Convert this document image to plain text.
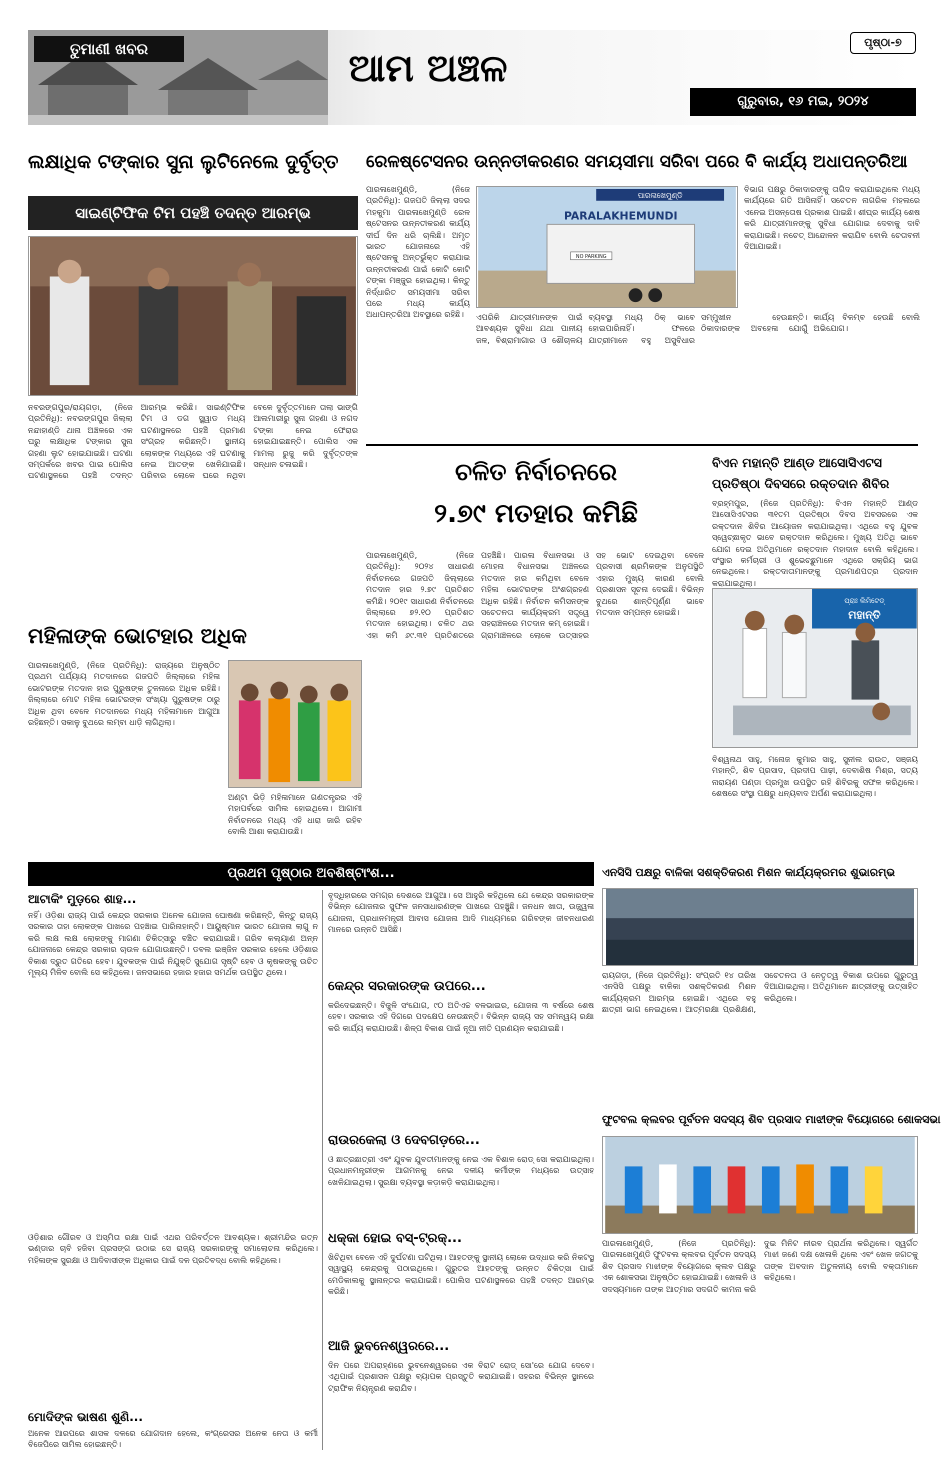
ତୁମାଣୀ ଖବର	ଆମ ଅଞ୍ଚଳ
ପୃଷ୍ଠା-୭
ଗୁରୁବାର, ୧୬ ମଇ, ୨୦୨୪
ଲକ୍ଷାଧିକ ଟଙ୍କାର ସୁନା ଲୁଟିନେଲେ ଦୁର୍ବୃତ୍ତ
ସାଇଣ୍ଟିଫିକ ଟିମ ପହଞ୍ଚି ତଦନ୍ତ ଆରମ୍ଭ
ନବରଙ୍ଗପୁର/ରାୟଗଡ଼ା, (ନିଜେ ପ୍ରତିନିଧି): ନବରଙ୍ଗପୁର ଜିଲ୍ଲା ନନ୍ଦାହାଣ୍ଡି ଥାନା ଅଞ୍ଚଳରେ ଏକ ଘରୁ ଲକ୍ଷାଧିକ ଟଙ୍କାର ସୁନା ଗହଣା ଲୁଟ ହୋଇଯାଇଛି। ଘଟଣା ସମ୍ପର୍କରେ ଖବର ପାଇ ପୋଲିସ ଘଟଣାସ୍ଥଳରେ ପହଞ୍ଚି ତଦନ୍ତ ଆରମ୍ଭ କରିଛି। ସାଇଣ୍ଟିଫିକ ଟିମ ଓ ଡଗ ସ୍କ୍ୱାଡ ମଧ୍ୟ ଘଟଣାସ୍ଥଳରେ ପହଞ୍ଚି ପ୍ରମାଣ ସଂଗ୍ରହ କରିଛନ୍ତି। ସ୍ଥାନୀୟ ଲୋକଙ୍କ ମଧ୍ୟରେ ଏହି ଘଟଣାକୁ ନେଇ ଆତଙ୍କ ଖେଳିଯାଇଛି। ପରିବାର ଲୋକେ ଘରେ ନଥିବା ବେଳେ ଦୁର୍ବୃତ୍ତମାନେ ତାଲା ଭାଙ୍ଗି ଆଲମାରୀରୁ ସୁନା ଗହଣା ଓ ନଗଦ ଟଙ୍କା ନେଇ ଫେରାର ହୋଇଯାଇଛନ୍ତି। ପୋଲିସ ଏକ ମାମଲା ରୁଜୁ କରି ଦୁର୍ବୃତ୍ତଙ୍କ ସନ୍ଧାନ ଚଳାଇଛି।
ରେଳଷ୍ଟେସନର ଉନ୍ନତୀକରଣର ସମୟସୀମା ସରିବା ପରେ ବି କାର୍ଯ୍ୟ ଅଧାପନ୍ତରିଆ
ପାରଳାଖେମୁଣ୍ଡି, (ନିଜେ ପ୍ରତିନିଧି): ଗଜପତି ଜିଲ୍ଲା ସଦର ମହକୁମା ପାରଳାଖେମୁଣ୍ଡି ରେଳ ଷ୍ଟେସନର ଉନ୍ନତୀକରଣ କାର୍ଯ୍ୟ ଦୀର୍ଘ ଦିନ ଧରି ଚାଲିଛି। ଅମୃତ ଭାରତ ଯୋଜନାରେ ଏହି ଷ୍ଟେସନକୁ ଅନ୍ତର୍ଭୁକ୍ତ କରାଯାଇ ଉନ୍ନତୀକରଣ ପାଇଁ କୋଟି କୋଟି ଟଙ୍କା ମଞ୍ଜୁର ହୋଇଥିଲା। କିନ୍ତୁ ନିର୍ଦ୍ଧାରିତ ସମୟସୀମା ସରିବା ପରେ ମଧ୍ୟ କାର୍ଯ୍ୟ ଅଧାପନ୍ତରିଆ ଅବସ୍ଥାରେ ରହିଛି।
ପାରଳାଖେମୁଣ୍ଡି
PARALAKHEMUNDI
NO PARKING
ବିଭାଗ ପକ୍ଷରୁ ଠିକାଦାରଙ୍କୁ ତାଗିଦ କରାଯାଇଥିଲେ ମଧ୍ୟ କାର୍ଯ୍ୟରେ ଗତି ଆସିନାହିଁ। ସଚେତନ ନାଗରିକ ମହଲରେ ଏନେଇ ଅସନ୍ତୋଷ ପ୍ରକାଶ ପାଇଛି। ଶୀଘ୍ର କାର୍ଯ୍ୟ ଶେଷ କରି ଯାତ୍ରୀମାନଙ୍କୁ ସୁବିଧା ଯୋଗାଇ ଦେବାକୁ ଦାବି କରାଯାଇଛି। ନଚେତ୍ ଆନ୍ଦୋଳନ କରାଯିବ ବୋଲି ଚେତାବନୀ ଦିଆଯାଇଛି।
ଏପରିକି ଯାତ୍ରୀମାନଙ୍କ ପାଇଁ ଆବଶ୍ୟକ ସୁବିଧା ଯଥା ପାନୀୟ ଜଳ, ବିଶ୍ରାମାଗାର ଓ ଶୌଚାଳୟ ବ୍ୟବସ୍ଥା ମଧ୍ୟ ଠିକ୍ ଭାବେ ହୋଇପାରିନାହିଁ। ଫଳରେ ଯାତ୍ରୀମାନେ ବହୁ ଅସୁବିଧାର ସମ୍ମୁଖୀନ ହେଉଛନ୍ତି। ଠିକାଦାରଙ୍କ ଅବହେଳା ଯୋଗୁଁ କାର୍ଯ୍ୟ ବିଳମ୍ବ ହେଉଛି ବୋଲି ଅଭିଯୋଗ।
ଚଳିତ ନିର୍ବାଚନରେ
୨.୭୯ ମତହାର କମିଛି
ପାରଳାଖେମୁଣ୍ଡି, (ନିଜେ ପ୍ରତିନିଧି): ୨୦୨୪ ସାଧାରଣ ନିର୍ବାଚନରେ ଗଜପତି ଜିଲ୍ଲାରେ ମତଦାନ ହାର ୨.୭୯ ପ୍ରତିଶତ କମିଛି। ୨୦୧୯ ସାଧାରଣ ନିର୍ବାଚନରେ ଜିଲ୍ଲାରେ ୭୨.୧୦ ପ୍ରତିଶତ ମତଦାନ ହୋଇଥିଲା। ଚଳିତ ଥର ଏହା କମି ୬୯.୩୧ ପ୍ରତିଶତରେ ପହଞ୍ଚିଛି। ପାରଳା ବିଧାନସଭା ଓ ମୋହନା ବିଧାନସଭା ଅଞ୍ଚଳରେ ମତଦାନ ହାର କମିଥିବା ବେଳେ ମହିଳା ଭୋଟରଙ୍କ ଅଂଶଗ୍ରହଣ ଅଧିକ ରହିଛି। ନିର୍ବାଚନ କମିସନଙ୍କ ସଚେତନତା କାର୍ଯ୍ୟକ୍ରମ ସତ୍ତ୍ୱେ ସହରାଞ୍ଚଳରେ ମତଦାନ କମ୍ ହୋଇଛି। ଗ୍ରାମାଞ୍ଚଳରେ ଲୋକେ ଉତ୍ସାହର ସହ ଭୋଟ ଦେଇଥିବା ବେଳେ ପ୍ରବାସୀ ଶ୍ରମିକଙ୍କ ଅନୁପସ୍ଥିତି ଏହାର ମୁଖ୍ୟ କାରଣ ବୋଲି ପ୍ରଶାସନ ସୂଚନା ଦେଇଛି। ବିଭିନ୍ନ ବୁଥରେ ଶାନ୍ତିପୂର୍ଣ୍ଣ ଭାବେ ମତଦାନ ସମ୍ପନ୍ନ ହୋଇଛି।
ବିଏନ ମହାନ୍ତି ଆଣ୍ଡ ଆସୋସିଏଟସ ପ୍ରତିଷ୍ଠା ଦିବସରେ ରକ୍ତଦାନ ଶିବିର
ମହିଳାଙ୍କ ଭୋଟହାର ଅଧିକ
ପାରଳାଖେମୁଣ୍ଡି, (ନିଜେ ପ୍ରତିନିଧି): ରାଜ୍ୟରେ ଅନୁଷ୍ଠିତ ପ୍ରଥମ ପର୍ଯ୍ୟାୟ ମତଦାନରେ ଗଜପତି ଜିଲ୍ଲାରେ ମହିଳା ଭୋଟରଙ୍କ ମତଦାନ ହାର ପୁରୁଷଙ୍କ ତୁଳନାରେ ଅଧିକ ରହିଛି। ଜିଲ୍ଲାରେ ମୋଟ ମହିଳା ଭୋଟରଙ୍କ ସଂଖ୍ୟା ପୁରୁଷଙ୍କ ଠାରୁ ଅଧିକ ଥିବା ବେଳେ ମତଦାନରେ ମଧ୍ୟ ମହିଳାମାନେ ଆଗୁଆ ରହିଛନ୍ତି। ସକାଳୁ ବୁଥରେ ଲମ୍ବା ଧାଡ଼ି ଲାଗିଥିଲା।
ଅଣ୍ଟା ଭିଡ଼ି ମହିଳାମାନେ ଗଣତନ୍ତ୍ରର ଏହି ମହାପର୍ବରେ ସାମିଲ ହୋଇଥିଲେ। ଆଗାମୀ ନିର୍ବାଚନରେ ମଧ୍ୟ ଏହି ଧାରା ଜାରି ରହିବ ବୋଲି ଆଶା କରାଯାଉଛି।
ପ୍ରଥମ ପୃଷ୍ଠାର ଅବଶିଷ୍ଟାଂଶ...
ଆଟାକିଂ ମୁଡ଼ରେ ଶାହ...
ନହିଁ। ଓଡ଼ିଶା ରାଜ୍ୟ ପାଇଁ କେନ୍ଦ୍ର ସରକାର ଅନେକ ଯୋଜନା ଘୋଷଣା କରିଛନ୍ତି, କିନ୍ତୁ ରାଜ୍ୟ ସରକାର ତାହା ଲୋକଙ୍କ ପାଖରେ ପହଞ୍ଚାଇ ପାରିନାହାନ୍ତି। ଆୟୁଷ୍ମାନ ଭାରତ ଯୋଜନା ଲାଗୁ ନ କରି ଲକ୍ଷ ଲକ୍ଷ ଲୋକଙ୍କୁ ମାଗଣା ଚିକିତ୍ସାରୁ ବଞ୍ଚିତ କରାଯାଇଛି। ଗରିବ କଲ୍ୟାଣ ଅନ୍ନ ଯୋଜନାରେ କେନ୍ଦ୍ର ସରକାର ଚାଉଳ ଯୋଗାଉଛନ୍ତି। ଡବଲ ଇଞ୍ଜିନ ସରକାର ହେଲେ ଓଡ଼ିଶାର ବିକାଶ ଦ୍ରୁତ ଗତିରେ ହେବ। ଯୁବକଙ୍କ ପାଇଁ ନିଯୁକ୍ତି ସୁଯୋଗ ସୃଷ୍ଟି ହେବ ଓ କୃଷକଙ୍କୁ ଉଚିତ ମୂଲ୍ୟ ମିଳିବ ବୋଲି ସେ କହିଥିଲେ। ଜନସଭାରେ ହଜାର ହଜାର ସମର୍ଥକ ଉପସ୍ଥିତ ଥିଲେ।
ଓଡ଼ିଶାର ଗୌରବ ଓ ଅସ୍ମିତା ରକ୍ଷା ପାଇଁ ଏଥର ପରିବର୍ତ୍ତନ ଆବଶ୍ୟକ। ଶ୍ରୀମନ୍ଦିର ରତ୍ନ ଭଣ୍ଡାର ଚାବି ହଜିବା ପ୍ରସଙ୍ଗ ଉଠାଇ ସେ ରାଜ୍ୟ ସରକାରଙ୍କୁ ସମାଲୋଚନା କରିଥିଲେ। ମହିଳାଙ୍କ ସୁରକ୍ଷା ଓ ଆଦିବାସୀଙ୍କ ଅଧିକାର ପାଇଁ ଦଳ ପ୍ରତିବଦ୍ଧ ବୋଲି କହିଥିଲେ।
ମୋଦିଙ୍କ ଭାଷଣ ଶୁଣି...
ଅନେକ ଆରପରେ ଶାସକ ଦଳରେ ଯୋଗଦାନ ହେଲେ, କଂଗ୍ରେସର ଅନେକ ନେତା ଓ କର୍ମୀ ବିଜେପିରେ ସାମିଲ ହୋଇଛନ୍ତି।
ବୃଦ୍ଧିହାରରେ ସମଗ୍ର ଦେଶରେ ଆଗୁଆ। ସେ ଆହୁରି କହିଥିଲେ ଯେ କେନ୍ଦ୍ର ସରକାରଙ୍କ ବିଭିନ୍ନ ଯୋଜନାର ସୁଫଳ ଜନସାଧାରଣଙ୍କ ପାଖରେ ପହଞ୍ଚୁଛି। ଜନଧନ ଖାତା, ଉଜ୍ଜ୍ୱଳା ଯୋଜନା, ପ୍ରଧାନମନ୍ତ୍ରୀ ଆବାସ ଯୋଜନା ଆଦି ମାଧ୍ୟମରେ ଗରିବଙ୍କ ଜୀବନଧାରଣ ମାନରେ ଉନ୍ନତି ଆସିଛି।
କେନ୍ଦ୍ର ସରକାରଙ୍କ ଉପରେ...
କରିଦେଇଛନ୍ତି। ବିଜୁଳି ସଂଯୋଗ, ୯୦ ଅତିଏଚ୍ଚ ବଳଭାଇର, ଯୋଜନା ୩ ବର୍ଷରେ ଶେଷ ହେବ। ସରକାର ଏହି ଦିଗରେ ପଦକ୍ଷେପ ନେଉଛନ୍ତି। ବିଭିନ୍ନ ରାଜ୍ୟ ସହ ସମନ୍ୱୟ ରକ୍ଷା କରି କାର୍ଯ୍ୟ କରାଯାଉଛି। ଶିଳ୍ପ ବିକାଶ ପାଇଁ ନୂଆ ନୀତି ପ୍ରଣୟନ କରାଯାଇଛି।
ରାଉରକେଲା ଓ ଦେବଗଡ଼ରେ...
ଓ ଛାତ୍ରଛାତ୍ରୀ ଏବଂ ଯୁବକ ଯୁବତୀମାନଙ୍କୁ ନେଇ ଏକ ବିଶାଳ ରୋଡ୍ ସୋ କରାଯାଇଥିଲା। ପ୍ରଧାନମନ୍ତ୍ରୀଙ୍କ ଆଗମନକୁ ନେଇ ଦଳୀୟ କର୍ମୀଙ୍କ ମଧ୍ୟରେ ଉତ୍ସାହ ଖେଳିଯାଇଥିଲା। ସୁରକ୍ଷା ବ୍ୟବସ୍ଥା କଡ଼ାକଡ଼ି କରାଯାଇଥିଲା।
ଧକ୍କା ହୋଇ ବସ୍-ଟ୍ରକ୍...
ଖିଚିଥିବା ବେଳେ ଏହି ଦୁର୍ଘଟଣା ଘଟିଥିଲା। ଆହତଙ୍କୁ ସ୍ଥାନୀୟ ଲୋକେ ଉଦ୍ଧାର କରି ନିକଟସ୍ଥ ସ୍ୱାସ୍ଥ୍ୟ କେନ୍ଦ୍ରକୁ ପଠାଇଥିଲେ। ଗୁରୁତର ଆହତଙ୍କୁ ଉନ୍ନତ ଚିକିତ୍ସା ପାଇଁ ମେଡିକାଲକୁ ସ୍ଥାନାନ୍ତର କରାଯାଇଛି। ପୋଲିସ ଘଟଣାସ୍ଥଳରେ ପହଞ୍ଚି ତଦନ୍ତ ଆରମ୍ଭ କରିଛି।
ଆଜି ଭୁବନେଶ୍ୱରରେ...
ଦିନ ପରେ ଅପରାହ୍ଣରେ ଭୁବନେଶ୍ୱରରେ ଏକ ବିରାଟ ରୋଡ୍ ସୋ'ରେ ଯୋଗ ଦେବେ। ଏଥିପାଇଁ ପ୍ରଶାସନ ପକ୍ଷରୁ ବ୍ୟାପକ ପ୍ରସ୍ତୁତି କରାଯାଇଛି। ସହରର ବିଭିନ୍ନ ସ୍ଥାନରେ ଟ୍ରାଫିକ ନିୟନ୍ତ୍ରଣ କରାଯିବ।
ଏନସିସି ପକ୍ଷରୁ ବାଳିକା ସଶକ୍ତିକରଣ ମିଶନ କାର୍ଯ୍ୟକ୍ରମର ଶୁଭାରମ୍ଭ
ରାୟଗଡ଼ା, (ନିଜେ ପ୍ରତିନିଧି): ସଂପ୍ରତି ୧୪ ତାରିଖ ଏନସିସି ପକ୍ଷରୁ ବାଳିକା ସଶକ୍ତିକରଣ ମିଶନ କାର୍ଯ୍ୟକ୍ରମ ଆରମ୍ଭ ହୋଇଛି। ଏଥିରେ ବହୁ ଛାତ୍ରୀ ଭାଗ ନେଇଥିଲେ। ଆତ୍ମରକ୍ଷା ପ୍ରଶିକ୍ଷଣ, ସଚେତନତା ଓ ନେତୃତ୍ୱ ବିକାଶ ଉପରେ ଗୁରୁତ୍ୱ ଦିଆଯାଇଥିଲା। ଅତିଥିମାନେ ଛାତ୍ରୀଙ୍କୁ ଉତ୍ସାହିତ କରିଥିଲେ।
ଫୁଟବଲ କ୍ଲବର ପୂର୍ବତନ ସଦସ୍ୟ ଶିବ ପ୍ରସାଦ ମାଝୀଙ୍କ ବିୟୋଗରେ ଶୋକସଭା
ପାରଳାଖେମୁଣ୍ଡି, (ନିଜେ ପ୍ରତିନିଧି): ପାରଳାଖେମୁଣ୍ଡି ଫୁଟବଲ କ୍ଲବର ପୂର୍ବତନ ସଦସ୍ୟ ଶିବ ପ୍ରସାଦ ମାଝୀଙ୍କ ବିୟୋଗରେ କ୍ଲବ ପକ୍ଷରୁ ଏକ ଶୋକସଭା ଅନୁଷ୍ଠିତ ହୋଇଯାଇଛି। ଖେଳାଳି ଓ ସଦସ୍ୟମାନେ ତାଙ୍କ ଆତ୍ମାର ସଦଗତି କାମନା କରି ଦୁଇ ମିନିଟ ନୀରବ ପ୍ରାର୍ଥନା କରିଥିଲେ। ସ୍ୱର୍ଗତ ମାଝୀ ଜଣେ ଦକ୍ଷ ଖେଳାଳି ଥିଲେ ଏବଂ ଖେଳ ଜଗତକୁ ତାଙ୍କ ଅବଦାନ ଅତୁଳନୀୟ ବୋଲି ବକ୍ତାମାନେ କହିଥିଲେ।
ବ୍ରହ୍ମପୁର, (ନିଜେ ପ୍ରତିନିଧି): ବିଏନ ମହାନ୍ତି ଆଣ୍ଡ ଆସୋସିଏଟସର ୩୧ତମ ପ୍ରତିଷ୍ଠା ଦିବସ ଅବସରରେ ଏକ ରକ୍ତଦାନ ଶିବିର ଆୟୋଜନ କରାଯାଇଥିଲା। ଏଥିରେ ବହୁ ଯୁବକ ସ୍ୱେଚ୍ଛାକୃତ ଭାବେ ରକ୍ତଦାନ କରିଥିଲେ। ମୁଖ୍ୟ ଅତିଥି ଭାବେ ଯୋଗ ଦେଇ ଅତିଥିମାନେ ରକ୍ତଦାନ ମହାଦାନ ବୋଲି କହିଥିଲେ। ସଂସ୍ଥାର କର୍ମଚାରୀ ଓ ଶୁଭେଚ୍ଛୁମାନେ ଏଥିରେ ସକ୍ରିୟ ଭାଗ ନେଇଥିଲେ। ରକ୍ତଦାତାମାନଙ୍କୁ ପ୍ରମାଣପତ୍ର ପ୍ରଦାନ କରାଯାଇଥିଲା।
ପ୍ରାଃ ଲିମିଟେଡ୍
ମହାନ୍ତି
ବିଶ୍ୱନାଥ ସାହୁ, ମନୋଜ କୁମାର ସାହୁ, ସୁନୀଲ ରାଉତ, ସଞ୍ଜୟ ମହାନ୍ତି, ଶିବ ପ୍ରସାଦ, ପ୍ରଦୀପ ପାଢ଼ୀ, ଦେବାଶିଷ ମିଶ୍ର, ସତ୍ୟ ନାରାୟଣ ପଣ୍ଡା ପ୍ରମୁଖ ଉପସ୍ଥିତ ରହି ଶିବିରକୁ ସଫଳ କରିଥିଲେ। ଶେଷରେ ସଂସ୍ଥା ପକ୍ଷରୁ ଧନ୍ୟବାଦ ଅର୍ପଣ କରାଯାଇଥିଲା।
